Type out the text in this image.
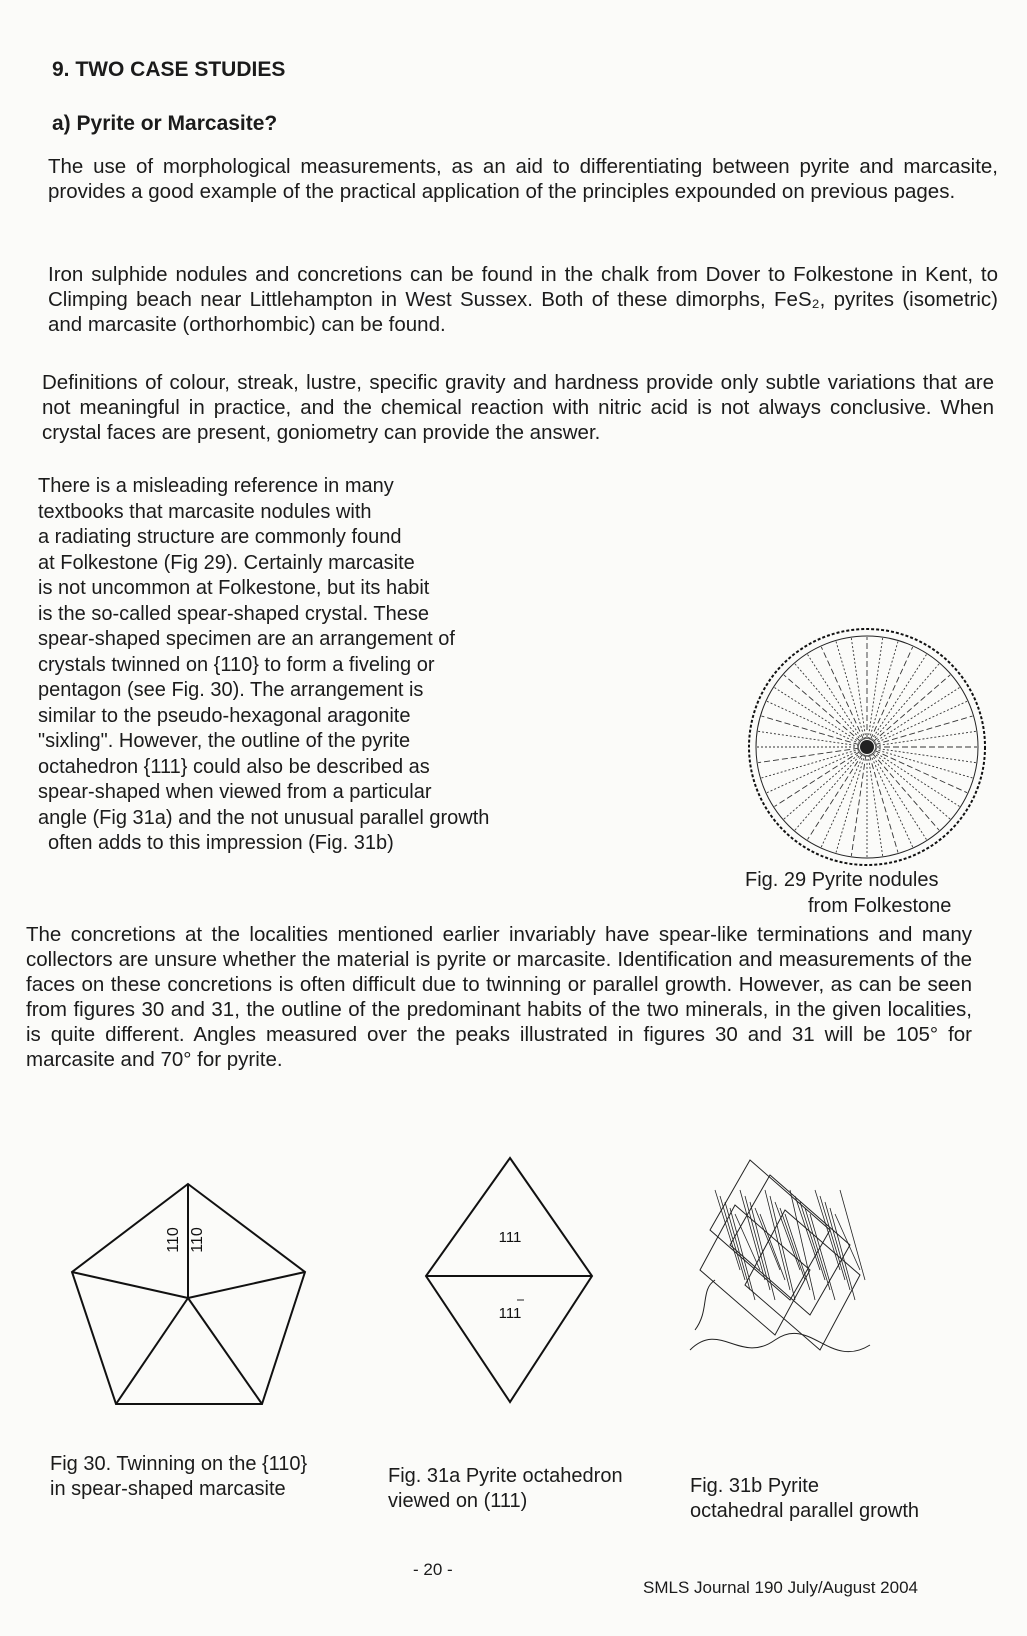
9. TWO CASE STUDIES
a) Pyrite or Marcasite?
The use of morphological measurements, as an aid to differentiating between pyrite and marcasite, provides a good example of the practical application of the principles expounded on previous pages.
Iron sulphide nodules and concretions can be found in the chalk from Dover to Folkestone in Kent, to Climping beach near Littlehampton in West Sussex. Both of these dimorphs, FeS₂, pyrites (isometric) and marcasite (orthorhombic) can be found.
Definitions of colour, streak, lustre, specific gravity and hardness provide only subtle variations that are not meaningful in practice, and the chemical reaction with nitric acid is not always conclusive. When crystal faces are present, goniometry can provide the answer.
There is a misleading reference in many
textbooks that marcasite nodules with
a radiating structure are commonly found
at Folkestone (Fig 29). Certainly marcasite
is not uncommon at Folkestone, but its habit
is the so-called spear-shaped crystal. These
spear-shaped specimen are an arrangement of
crystals twinned on {110} to form a fiveling or
pentagon (see Fig. 30). The arrangement is
similar to the pseudo-hexagonal aragonite
"sixling". However, the outline of the pyrite
octahedron {111} could also be described as
spear-shaped when viewed from a particular
angle (Fig 31a) and the not unusual parallel growth
often adds to this impression (Fig. 31b)
Fig. 29 Pyrite nodules
from Folkestone
The concretions at the localities mentioned earlier invariably have spear-like terminations and many collectors are unsure whether the material is pyrite or marcasite. Identification and measurements of the faces on these concretions is often difficult due to twinning or parallel growth. However, as can be seen from figures 30 and 31, the outline of the predominant habits of the two minerals, in the given localities, is quite different. Angles measured over the peaks illustrated in figures 30 and 31 will be 105° for marcasite and 70° for pyrite.
110 110	111
111
Fig 30. Twinning on the {110}
in spear-shaped marcasite
Fig. 31a Pyrite octahedron
viewed on (111)
Fig. 31b Pyrite
octahedral parallel growth
- 20 -
SMLS Journal 190 July/August 2004
